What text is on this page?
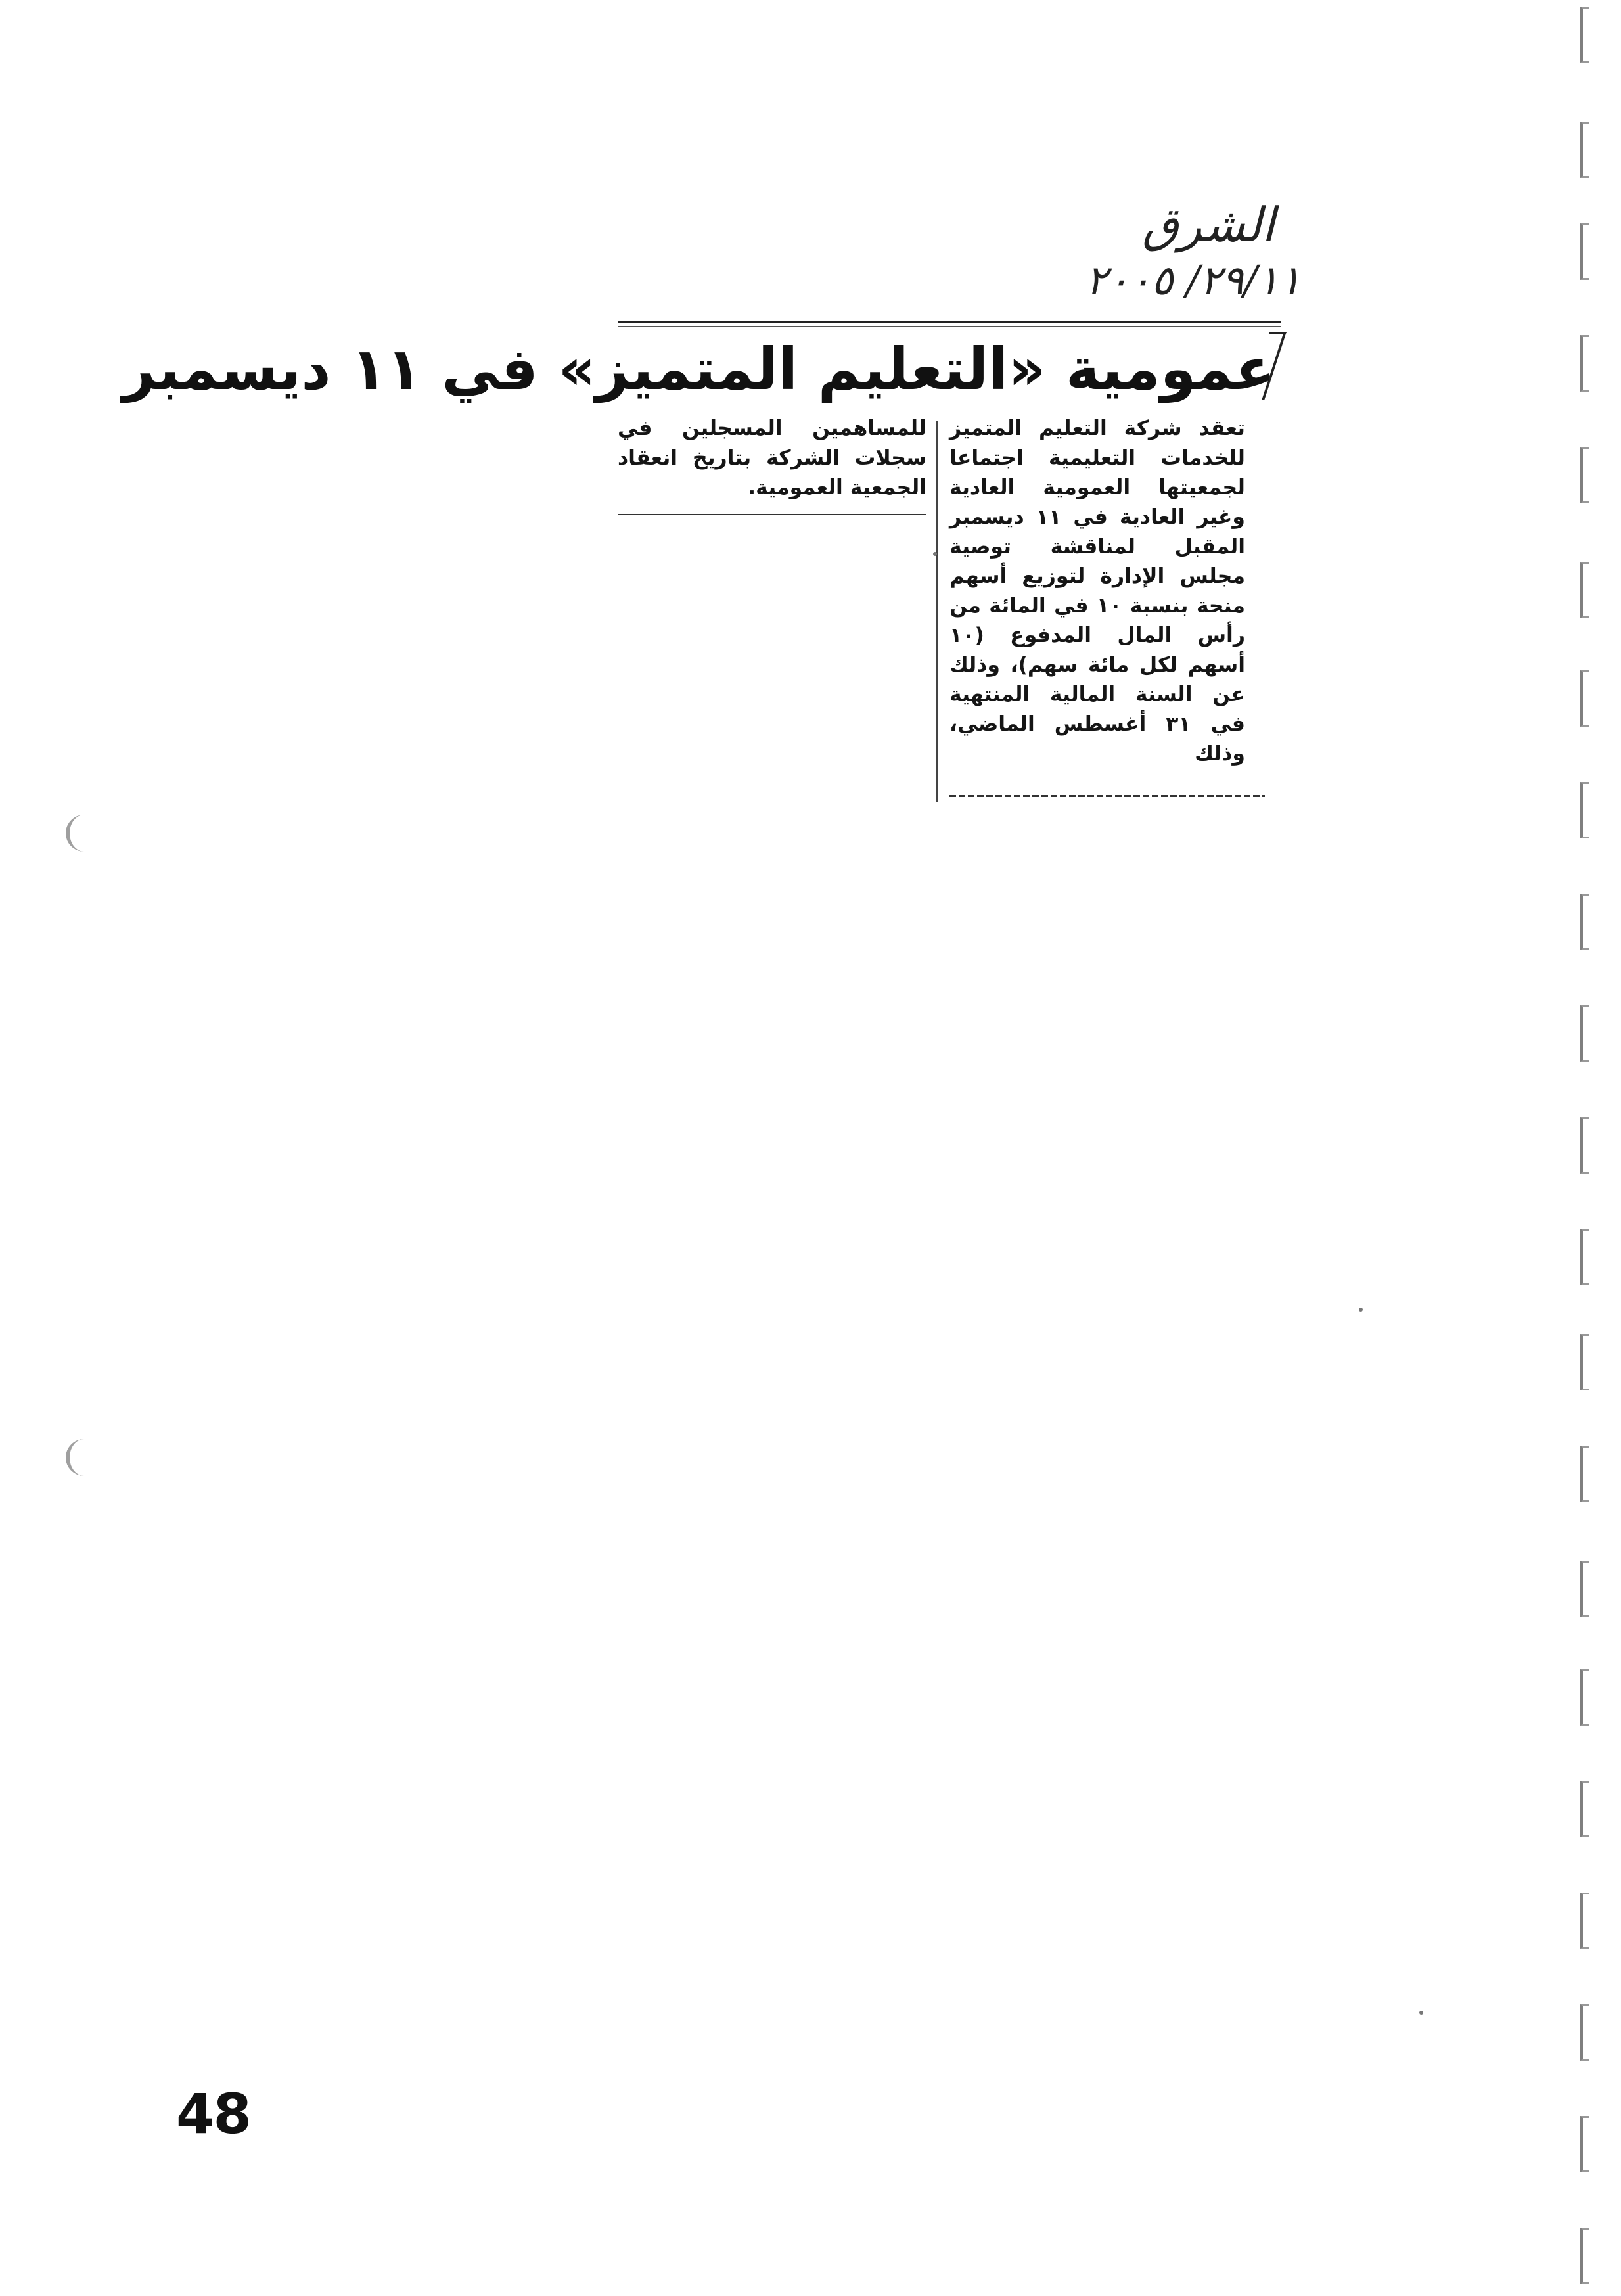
الشرق
٢٩/١١/ ٢٠٠٥
عمومية «التعليم المتميز» في ١١ ديسمبر

تعقد شركة التعليم المتميز للخدمات التعليمية اجتماعا لجمعيتها العمومية العادية وغير العادية في ١١ ديسمبر المقبل لمناقشة توصية مجلس الإدارة لتوزيع أسهم منحة بنسبة ١٠ في المائة من رأس المال المدفوع (١٠ أسهم لكل مائة سهم)، وذلك عن السنة المالية المنتهية في ٣١ أغسطس الماضي، وذلك

للمساهمين المسجلين في سجلات الشركة بتاريخ انعقاد الجمعية العمومية.

48
